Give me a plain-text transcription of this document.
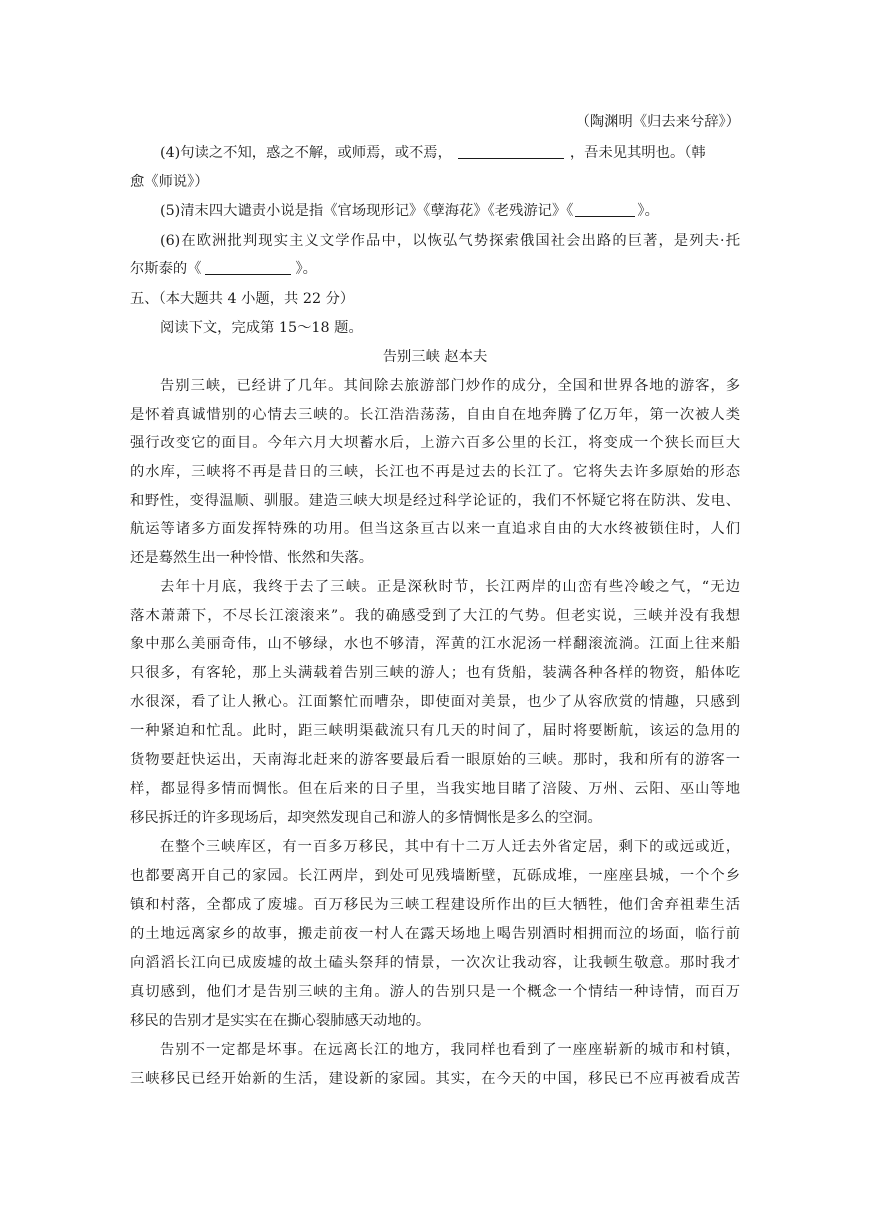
（陶渊明《归去来兮辞》）
(4)句读之不知，惑之不解，或师焉，或不焉，	，吾未见其明也。（韩
愈《师说》）
(5)清末四大谴责小说是指《官场现形记》《孽海花》《老残游记》《	》。
(6)在欧洲批判现实主义文学作品中，以恢弘气势探索俄国社会出路的巨著，是列夫·托
尔斯泰的《	》。
五、（本大题共 4 小题，共 22 分）
阅读下文，完成第 15～18 题。
告别三峡 赵本夫
告别三峡，已经讲了几年。其间除去旅游部门炒作的成分，全国和世界各地的游客，多
是怀着真诚惜别的心情去三峡的。长江浩浩荡荡，自由自在地奔腾了亿万年，第一次被人类
强行改变它的面目。今年六月大坝蓄水后，上游六百多公里的长江，将变成一个狭长而巨大
的水库，三峡将不再是昔日的三峡，长江也不再是过去的长江了。它将失去许多原始的形态
和野性，变得温顺、驯服。建造三峡大坝是经过科学论证的，我们不怀疑它将在防洪、发电、
航运等诸多方面发挥特殊的功用。但当这条亘古以来一直追求自由的大水终被锁住时，人们
还是蓦然生出一种怜惜、怅然和失落。
去年十月底，我终于去了三峡。正是深秋时节，长江两岸的山峦有些冷峻之气，“无边
落木萧萧下，不尽长江滚滚来”。我的确感受到了大江的气势。但老实说，三峡并没有我想
象中那么美丽奇伟，山不够绿，水也不够清，浑黄的江水泥汤一样翻滚流淌。江面上往来船
只很多，有客轮，那上头满载着告别三峡的游人；也有货船，装满各种各样的物资，船体吃
水很深，看了让人揪心。江面繁忙而嘈杂，即使面对美景，也少了从容欣赏的情趣，只感到
一种紧迫和忙乱。此时，距三峡明渠截流只有几天的时间了，届时将要断航，该运的急用的
货物要赶快运出，天南海北赶来的游客要最后看一眼原始的三峡。那时，我和所有的游客一
样，都显得多情而惆怅。但在后来的日子里，当我实地目睹了涪陵、万州、云阳、巫山等地
移民拆迁的许多现场后，却突然发现自己和游人的多情惆怅是多么的空洞。
在整个三峡库区，有一百多万移民，其中有十二万人迁去外省定居，剩下的或远或近，
也都要离开自己的家园。长江两岸，到处可见残墙断壁，瓦砾成堆，一座座县城，一个个乡
镇和村落，全都成了废墟。百万移民为三峡工程建设所作出的巨大牺牲，他们舍弃祖辈生活
的土地远离家乡的故事，搬走前夜一村人在露天场地上喝告别酒时相拥而泣的场面，临行前
向滔滔长江向已成废墟的故土磕头祭拜的情景，一次次让我动容，让我顿生敬意。那时我才
真切感到，他们才是告别三峡的主角。游人的告别只是一个概念一个情结一种诗情，而百万
移民的告别才是实实在在撕心裂肺感天动地的。
告别不一定都是坏事。在远离长江的地方，我同样也看到了一座座崭新的城市和村镇，
三峡移民已经开始新的生活，建设新的家园。其实，在今天的中国，移民已不应再被看成苦
